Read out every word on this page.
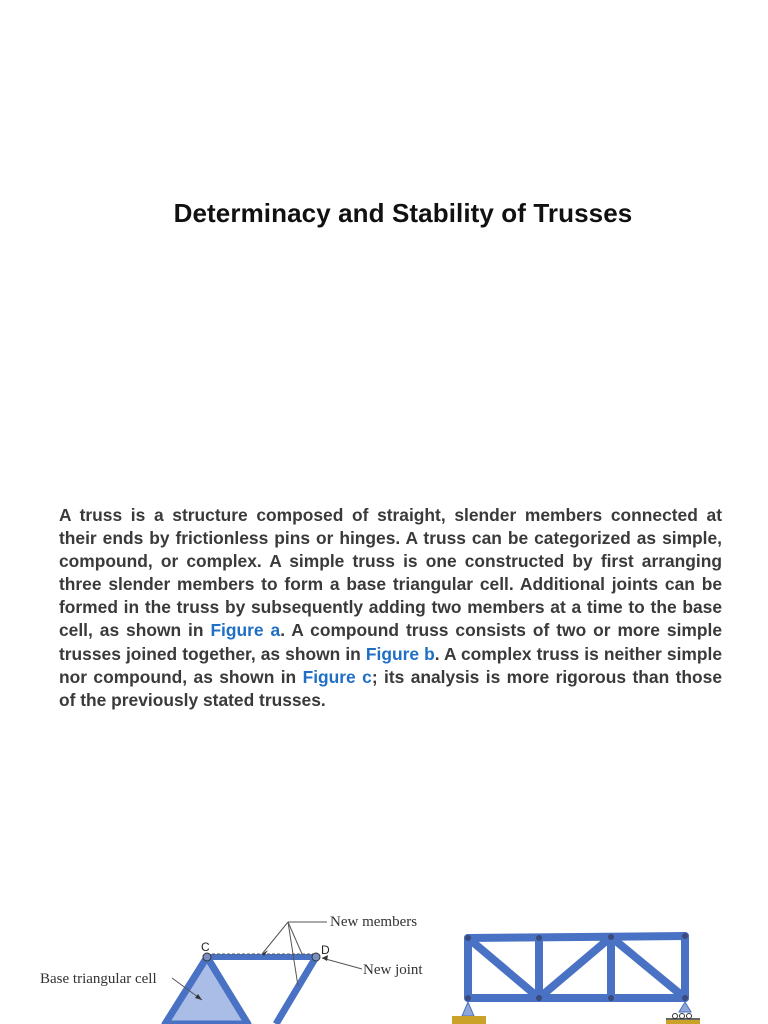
Determinacy and Stability of Trusses

A truss is a structure composed of straight, slender members connected at their ends by frictionless pins or hinges. A truss can be categorized as simple, compound, or complex. A simple truss is one constructed by first arranging three slender members to form a base triangular cell. Additional joints can be formed in the truss by subsequently adding two members at a time to the base cell, as shown in Figure a. A compound truss consists of two or more simple trusses joined together, as shown in Figure b. A complex truss is neither simple nor compound, as shown in Figure c; its analysis is more rigorous than those of the previously stated trusses.

C	D
New members
New joint
Base triangular cell
